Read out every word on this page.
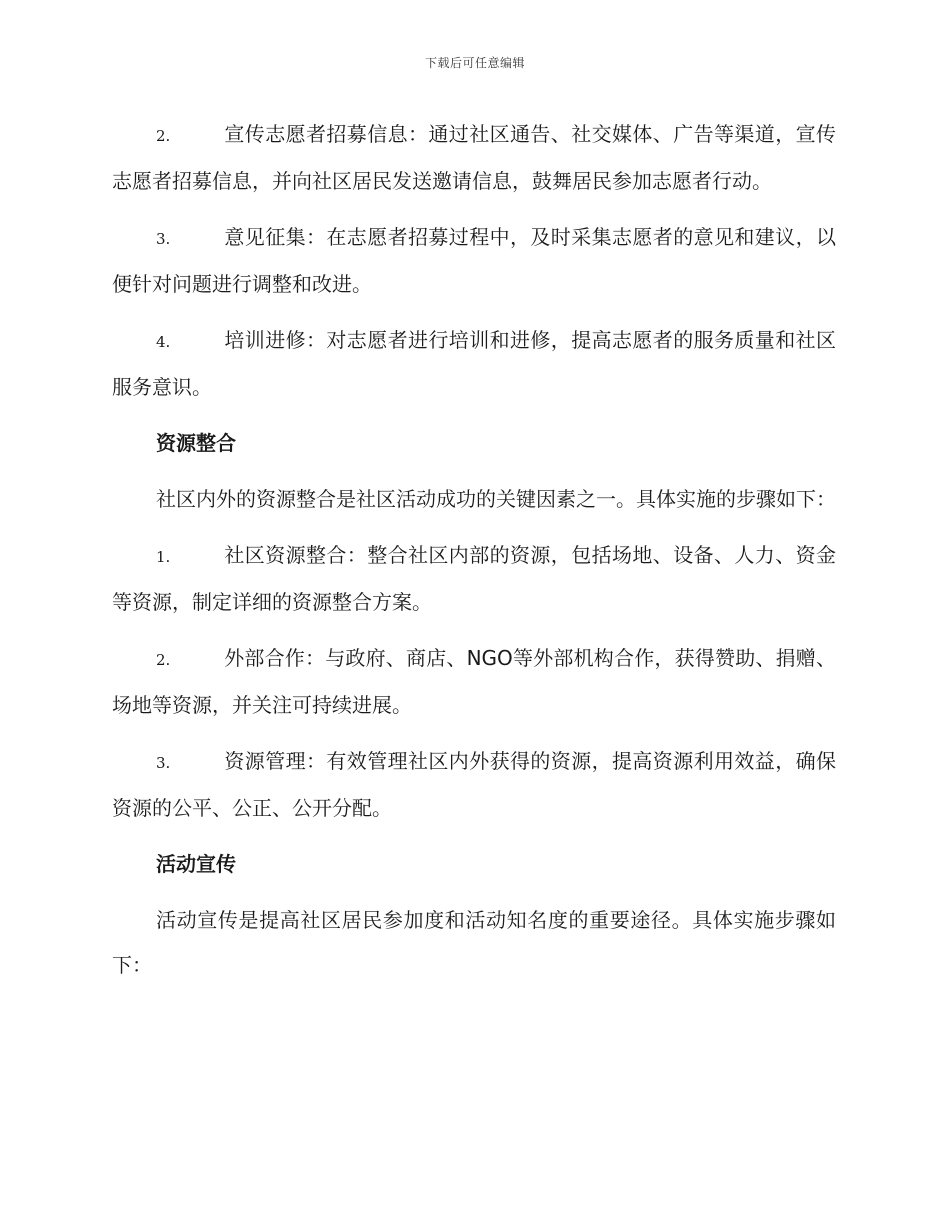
下载后可任意编辑

2.	宣传志愿者招募信息：通过社区通告、社交媒体、广告等渠道，宣传志愿者招募信息，并向社区居民发送邀请信息，鼓舞居民参加志愿者行动。

3.	意见征集：在志愿者招募过程中，及时采集志愿者的意见和建议，以便针对问题进行调整和改进。

4.	培训进修：对志愿者进行培训和进修，提高志愿者的服务质量和社区服务意识。

资源整合

社区内外的资源整合是社区活动成功的关键因素之一。具体实施的步骤如下：

1.	社区资源整合：整合社区内部的资源，包括场地、设备、人力、资金等资源，制定详细的资源整合方案。

2.	外部合作：与政府、商店、NGO等外部机构合作，获得赞助、捐赠、场地等资源，并关注可持续进展。

3.	资源管理：有效管理社区内外获得的资源，提高资源利用效益，确保资源的公平、公正、公开分配。

活动宣传

活动宣传是提高社区居民参加度和活动知名度的重要途径。具体实施步骤如下：
